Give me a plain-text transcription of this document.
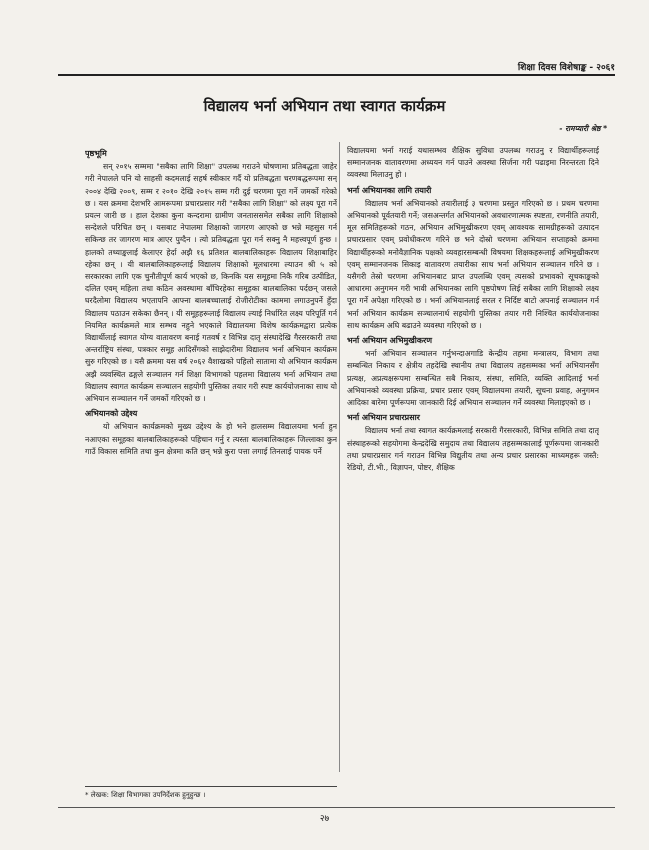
शिक्षा दिवस विशेषाङ्क - २०६१
विद्यालय भर्ना अभियान तथा स्वागत कार्यक्रम
- रामप्यारी श्रेष्ठ *
पृष्ठभूमि

सन् २०१५ सम्ममा "सबैका लागि शिक्षा" उपलब्ध गराउने घोषणामा प्रतिबद्धता जाहेर गरी नेपालले पनि यो साहसी कदमलाई सहर्ष स्वीकार गर्दै यो प्रतिबद्धता चरणबद्धरूपमा सन् २००४ देखि २००९, सम्म र २०१० देखि २०१५ सम्म गरी दुई चरणमा पूरा गर्ने जमर्को गरेको छ । यस क्रममा देशभरि आमरूपमा प्रचारप्रसार गरी "सबैका लागि शिक्षा" को लक्ष्य पूरा गर्ने प्रयत्न जारी छ । हाल देशका कुना कन्दरामा ग्रामीण जनताससमेत सबैका लागि शिक्षाको सन्देशले परिचित छन् । यसबाट नेपालमा शिक्षाको जागरण आएको छ भन्ने महसुस गर्न सकिन्छ तर जागरण मात्र आएर पुग्दैन । त्यो प्रतिबद्धता पूरा गर्न सक्नु नै महत्त्वपूर्ण हुन्छ । हालको तथ्याङ्कलाई केलाएर हेर्दा अझै १६ प्रतिशत बालबालिकाहरू विद्यालय शिक्षाबाहिर रहेका छन् । यी बालबालिकाहरूलाई विद्यालय शिक्षाको मूलधारमा ल्याउन श्री ५ को सरकारका लागि एक चुनौतीपूर्ण कार्य भएको छ, किनकि यस समूहमा निकै गरिब उत्पीडित, दलित एवम् महिला तथा कठिन अवस्थामा बाँचिरहेका समूहका बालबालिका पर्दछन् जसले घरदैलोमा विद्यालय भएतापनि आफ्ना बालबच्चालाई रोजीरोटीका काममा लगाउनुपर्ने हुँदा विद्यालय पठाउन सकेका छैनन् । यी समूहहरूलाई विद्यालय ल्याई निर्धारित लक्ष्य परिपूर्ति गर्न नियमित कार्यक्रमले मात्र सम्भव नहुने भएकाले विद्यालयमा विशेष कार्यक्रमद्वारा प्रत्येक विद्यार्थीलाई स्वागत योग्य वातावरण बनाई गतवर्ष र विभिन्न दातृ संस्थादेखि गैरसरकारी तथा अन्तर्राष्ट्रिय संस्था, पत्रकार समूह आदिसँगको साझेदारीमा विद्यालय भर्ना अभियान कार्यक्रम सुरु गरिएको छ । यसै क्रममा यस वर्ष २०६२ वैशाखको पहिलो सातामा यो अभियान कार्यक्रम अझै व्यवस्थित ढङ्गले सञ्चालन गर्न शिक्षा विभागको पहलमा विद्यालय भर्ना अभियान तथा विद्यालय स्वागत कार्यक्रम सञ्चालन सहयोगी पुस्तिका तयार गरी स्पष्ट कार्ययोजनाका साथ यो अभियान सञ्चालन गर्ने जमर्को गरिएको छ ।

अभियानको उद्देश्य

यो अभियान कार्यक्रमको मुख्य उद्देश्य के हो भने हालसम्म विद्यालयमा भर्ना हुन नआएका समूहका बालबालिकाहरूको पहिचान गर्नु र त्यस्ता बालबालिकाहरू जिल्लाका कुन गाउँ विकास समिति तथा कुन क्षेत्रमा कति छन् भन्ने कुरा पत्ता लगाई तिनलाई पायक पर्ने

विद्यालयमा भर्ना गराई यथासम्भव शैक्षिक सुविधा उपलब्ध गराउनु र विद्यार्थीहरूलाई सम्मानजनक वातावरणमा अध्ययन गर्न पाउने अवस्था सिर्जना गरी पढाइमा निरन्तरता दिने व्यवस्था मिलाउनु हो ।

भर्ना अभियानका लागि तयारी

विद्यालय भर्ना अभियानको तयारीलाई ३ चरणमा प्रस्तुत गरिएको छ । प्रथम चरणमा अभियानको पूर्वतयारी गर्ने; जसअन्तर्गत अभियानको अवधारणात्मक स्पष्टता, रणनीति तयारी, मूल समितिहरूको गठन, अभियान अभिमुखीकरण एवम् आवश्यक सामग्रीहरूको उत्पादन प्रचारप्रसार एवम् प्रवोधीकरण गरिने छ भने दोस्रो चरणमा अभियान सप्ताहको क्रममा विद्यार्थीहरूको मनोवैज्ञानिक पक्षको व्यवहारसम्बन्धी विषयमा शिक्षकहरूलाई अभिमुखीकरण एवम् सम्मानजनक सिकाइ वातावरण तयारीका साथ भर्ना अभियान सञ्चालन गरिने छ । यसैगरी तेस्रो चरणमा अभियानबाट प्राप्त उपलब्धि एवम् त्यसको प्रभावको सूचकाङ्कको आधारमा अनुगमन गरी भावी अभियानका लागि पृष्ठपोषण लिई सबैका लागि शिक्षाको लक्ष्य पूरा गर्ने अपेक्षा गरिएको छ । भर्ना अभियानलाई सरल र निर्दिष्ट बाटो अपनाई सञ्चालन गर्न भर्ना अभियान कार्यक्रम सञ्चालनार्थ सहयोगी पुस्तिका तयार गरी निश्चित कार्ययोजनाका साथ कार्यक्रम अघि बढाउने व्यवस्था गरिएको छ ।

भर्ना अभियान अभिमुखीकरण

भर्ना अभियान सञ्चालन गर्नुभन्दाअगाडि केन्द्रीय तहमा मन्त्रालय, विभाग तथा सम्बन्धित निकाय र क्षेत्रीय तहदेखि स्थानीय तथा विद्यालय तहसम्मका भर्ना अभियानसँग प्रत्यक्ष, अप्रत्यक्षरूपमा सम्बन्धित सबै निकाय, संस्था, समिति, व्यक्ति आदिलाई भर्ना अभियानको व्यवस्था प्रक्रिया, प्रचार प्रसार एवम् विद्यालयमा तयारी, सूचना प्रवाह, अनुगमन आदिका बारेमा पूर्णरूपमा जानकारी दिई अभियान सञ्चालन गर्ने व्यवस्था मिलाइएको छ ।

भर्ना अभियान प्रचारप्रसार

विद्यालय भर्ना तथा स्वागत कार्यक्रमलाई सरकारी गैरसरकारी, विभिन्न समिति तथा दातृ संस्थाहरूको सहयोगमा केन्द्रदेखि समुदाय तथा विद्यालय तहसम्मकालाई पूर्णरूपमा जानकारी तथा प्रचारप्रसार गर्न गराउन विभिन्न विद्युतीय तथा अन्य प्रचार प्रसारका माध्यमहरू जस्तै: रेडियो, टी.भी., विज्ञापन, पोष्टर, शैक्षिक

* लेखक: शिक्षा विभागका उपनिर्देशक हुनुहुन्छ ।
२७
